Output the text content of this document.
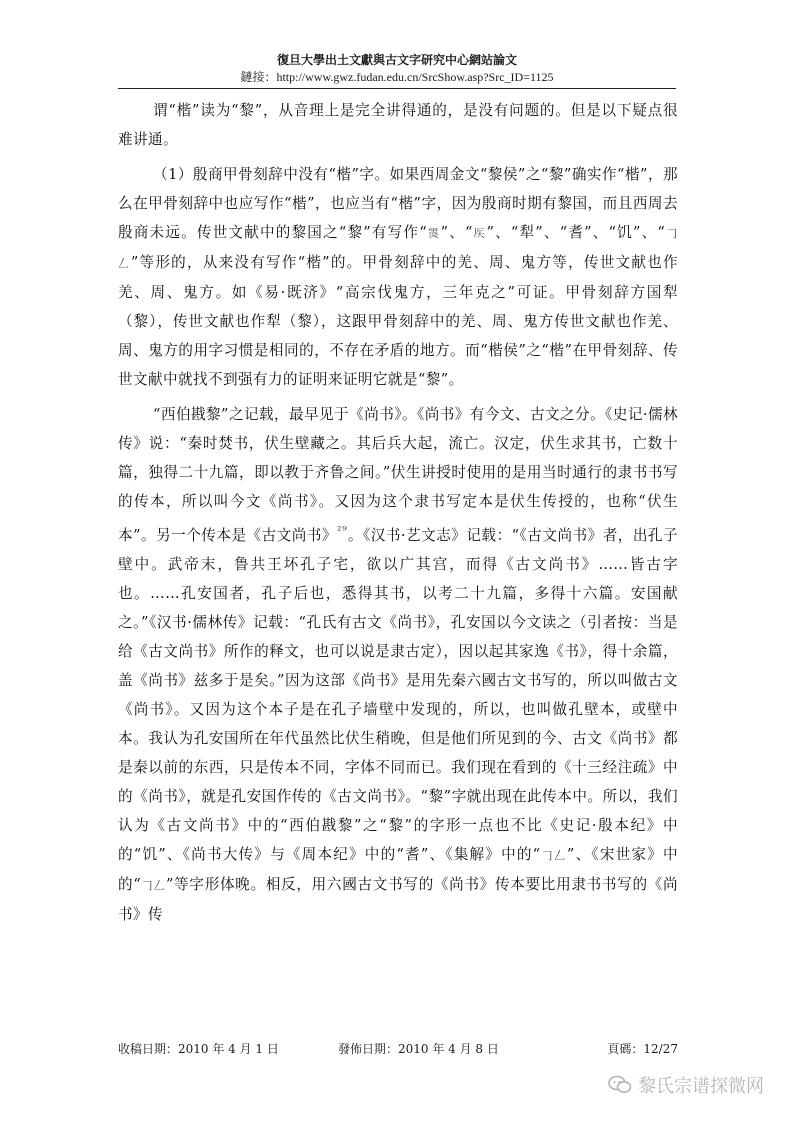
復旦大學出土文獻與古文字研究中心網站論文
鏈接：http://www.gwz.fudan.edu.cn/SrcShow.asp?Src_ID=1125

谓“楷”读为“黎”，从音理上是完全讲得通的，是没有问题的。但是以下疑点很难讲通。

（1）殷商甲骨刻辞中没有“楷”字。如果西周金文“黎侯”之“黎”确实作“楷”，那么在甲骨刻辞中也应写作“楷”，也应当有“楷”字，因为殷商时期有黎国，而且西周去殷商未远。传世文献中的黎国之“黎”有写作“𪐗”、“𥎦”、“犁”、“耆”、“饥”、“𠃌𠃋”等形的，从来没有写作“楷”的。甲骨刻辞中的羌、周、鬼方等，传世文献也作羌、周、鬼方。如《易·既济》“高宗伐鬼方，三年克之”可证。甲骨刻辞方国犁（黎），传世文献也作犁（黎），这跟甲骨刻辞中的羌、周、鬼方传世文献也作羌、周、鬼方的用字习惯是相同的，不存在矛盾的地方。而“楷侯”之“楷”在甲骨刻辞、传世文献中就找不到强有力的证明来证明它就是“黎”。

“西伯戡黎”之记载，最早见于《尚书》。《尚书》有今文、古文之分。《史记·儒林传》说：“秦时焚书，伏生壁藏之。其后兵大起，流亡。汉定，伏生求其书，亡数十篇，独得二十九篇，即以教于齐鲁之间。”伏生讲授时使用的是用当时通行的隶书书写的传本，所以叫今文《尚书》。又因为这个隶书写定本是伏生传授的，也称“伏生本”。另一个传本是《古文尚书》$^{^{29}}$。《汉书·艺文志》记载：“《古文尚书》者，出孔子壁中。武帝末，鲁共王坏孔子宅，欲以广其宫，而得《古文尚书》……皆古字也。……孔安国者，孔子后也，悉得其书，以考二十九篇，多得十六篇。安国献之。”《汉书·儒林传》记载：“孔氏有古文《尚书》，孔安国以今文读之（引者按：当是给《古文尚书》所作的释文，也可以说是隶古定），因以起其家逸《书》，得十余篇，盖《尚书》兹多于是矣。”因为这部《尚书》是用先秦六國古文书写的，所以叫做古文《尚书》。又因为这个本子是在孔子墙壁中发现的，所以，也叫做孔壁本，或壁中本。我认为孔安国所在年代虽然比伏生稍晚，但是他们所见到的今、古文《尚书》都是秦以前的东西，只是传本不同，字体不同而已。我们现在看到的《十三经注疏》中的《尚书》，就是孔安国作传的《古文尚书》。“黎”字就出现在此传本中。所以，我们认为《古文尚书》中的“西伯戡黎”之“黎”的字形一点也不比《史记·殷本纪》中的“饥”、《尚书大传》与《周本纪》中的“耆”、《集解》中的“𠃌𠃋”、《宋世家》中的“𠃌𠃋”等字形体晚。相反，用六國古文书写的《尚书》传本要比用隶书书写的《尚书》传

收稿日期：2010 年 4 月 1 日	發佈日期：2010 年 4 月 8 日	頁碼：12/27
黎氏宗谱探微网
